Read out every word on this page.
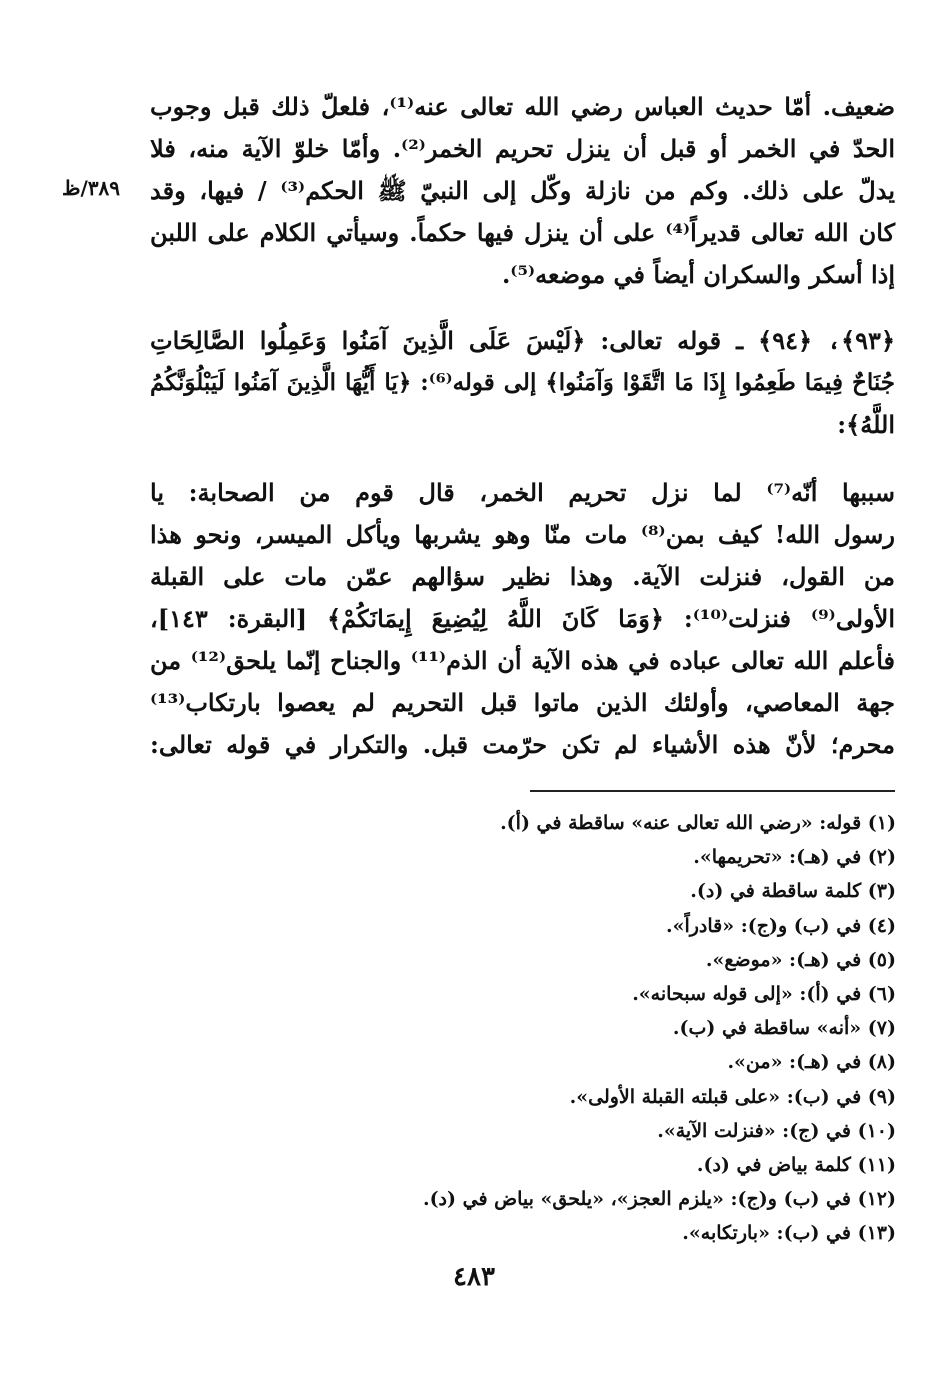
٣٨٩/ظ
ضعيف. أمّا حديث العباس رضي الله تعالى عنه⁽¹⁾، فلعلّ ذلك قبل وجوب
الحدّ في الخمر أو قبل أن ينزل تحريم الخمر⁽²⁾. وأمّا خلوّ الآية منه، فلا
يدلّ على ذلك. وكم من نازلة وكّل إلى النبيّ ﷺ الحكم⁽³⁾ / فيها، وقد
كان الله تعالى قديراً⁽⁴⁾ على أن ينزل فيها حكماً. وسيأتي الكلام على اللبن
إذا أسكر والسكران أيضاً في موضعه⁽⁵⁾.
﴿٩٣﴾، ﴿٩٤﴾ ـ قوله تعالى: ﴿لَيْسَ عَلَى الَّذِينَ آمَنُوا وَعَمِلُوا الصَّالِحَاتِ
جُنَاحٌ فِيمَا طَعِمُوا إِذَا مَا اتَّقَوْا وَآمَنُوا﴾ إلى قوله⁽⁶⁾: ﴿يَا أَيُّهَا الَّذِينَ آمَنُوا لَيَبْلُوَنَّكُمُ
اللَّهُ﴾:
سببها أنّه⁽⁷⁾ لما نزل تحريم الخمر، قال قوم من الصحابة: يا
رسول الله! كيف بمن⁽⁸⁾ مات منّا وهو يشربها ويأكل الميسر، ونحو هذا
من القول، فنزلت الآية. وهذا نظير سؤالهم عمّن مات على القبلة
الأولى⁽⁹⁾ فنزلت⁽¹⁰⁾: ﴿وَمَا كَانَ اللَّهُ لِيُضِيعَ إِيمَانَكُمْ﴾ [البقرة: ١٤٣]،
فأعلم الله تعالى عباده في هذه الآية أن الذم⁽¹¹⁾ والجناح إنّما يلحق⁽¹²⁾ من
جهة المعاصي، وأولئك الذين ماتوا قبل التحريم لم يعصوا بارتكاب⁽¹³⁾
محرم؛ لأنّ هذه الأشياء لم تكن حرّمت قبل. والتكرار في قوله تعالى:
(١) قوله: «رضي الله تعالى عنه» ساقطة في (أ).
(٢) في (هـ): «تحريمها».
(٣) كلمة ساقطة في (د).
(٤) في (ب) و(ج): «قادراً».
(٥) في (هـ): «موضع».
(٦) في (أ): «إلى قوله سبحانه».
(٧) «أنه» ساقطة في (ب).
(٨) في (هـ): «من».
(٩) في (ب): «على قبلته القبلة الأولى».
(١٠) في (ج): «فنزلت الآية».
(١١) كلمة بياض في (د).
(١٢) في (ب) و(ج): «يلزم العجز»، «يلحق» بياض في (د).
(١٣) في (ب): «بارتكابه».
٤٨٣
